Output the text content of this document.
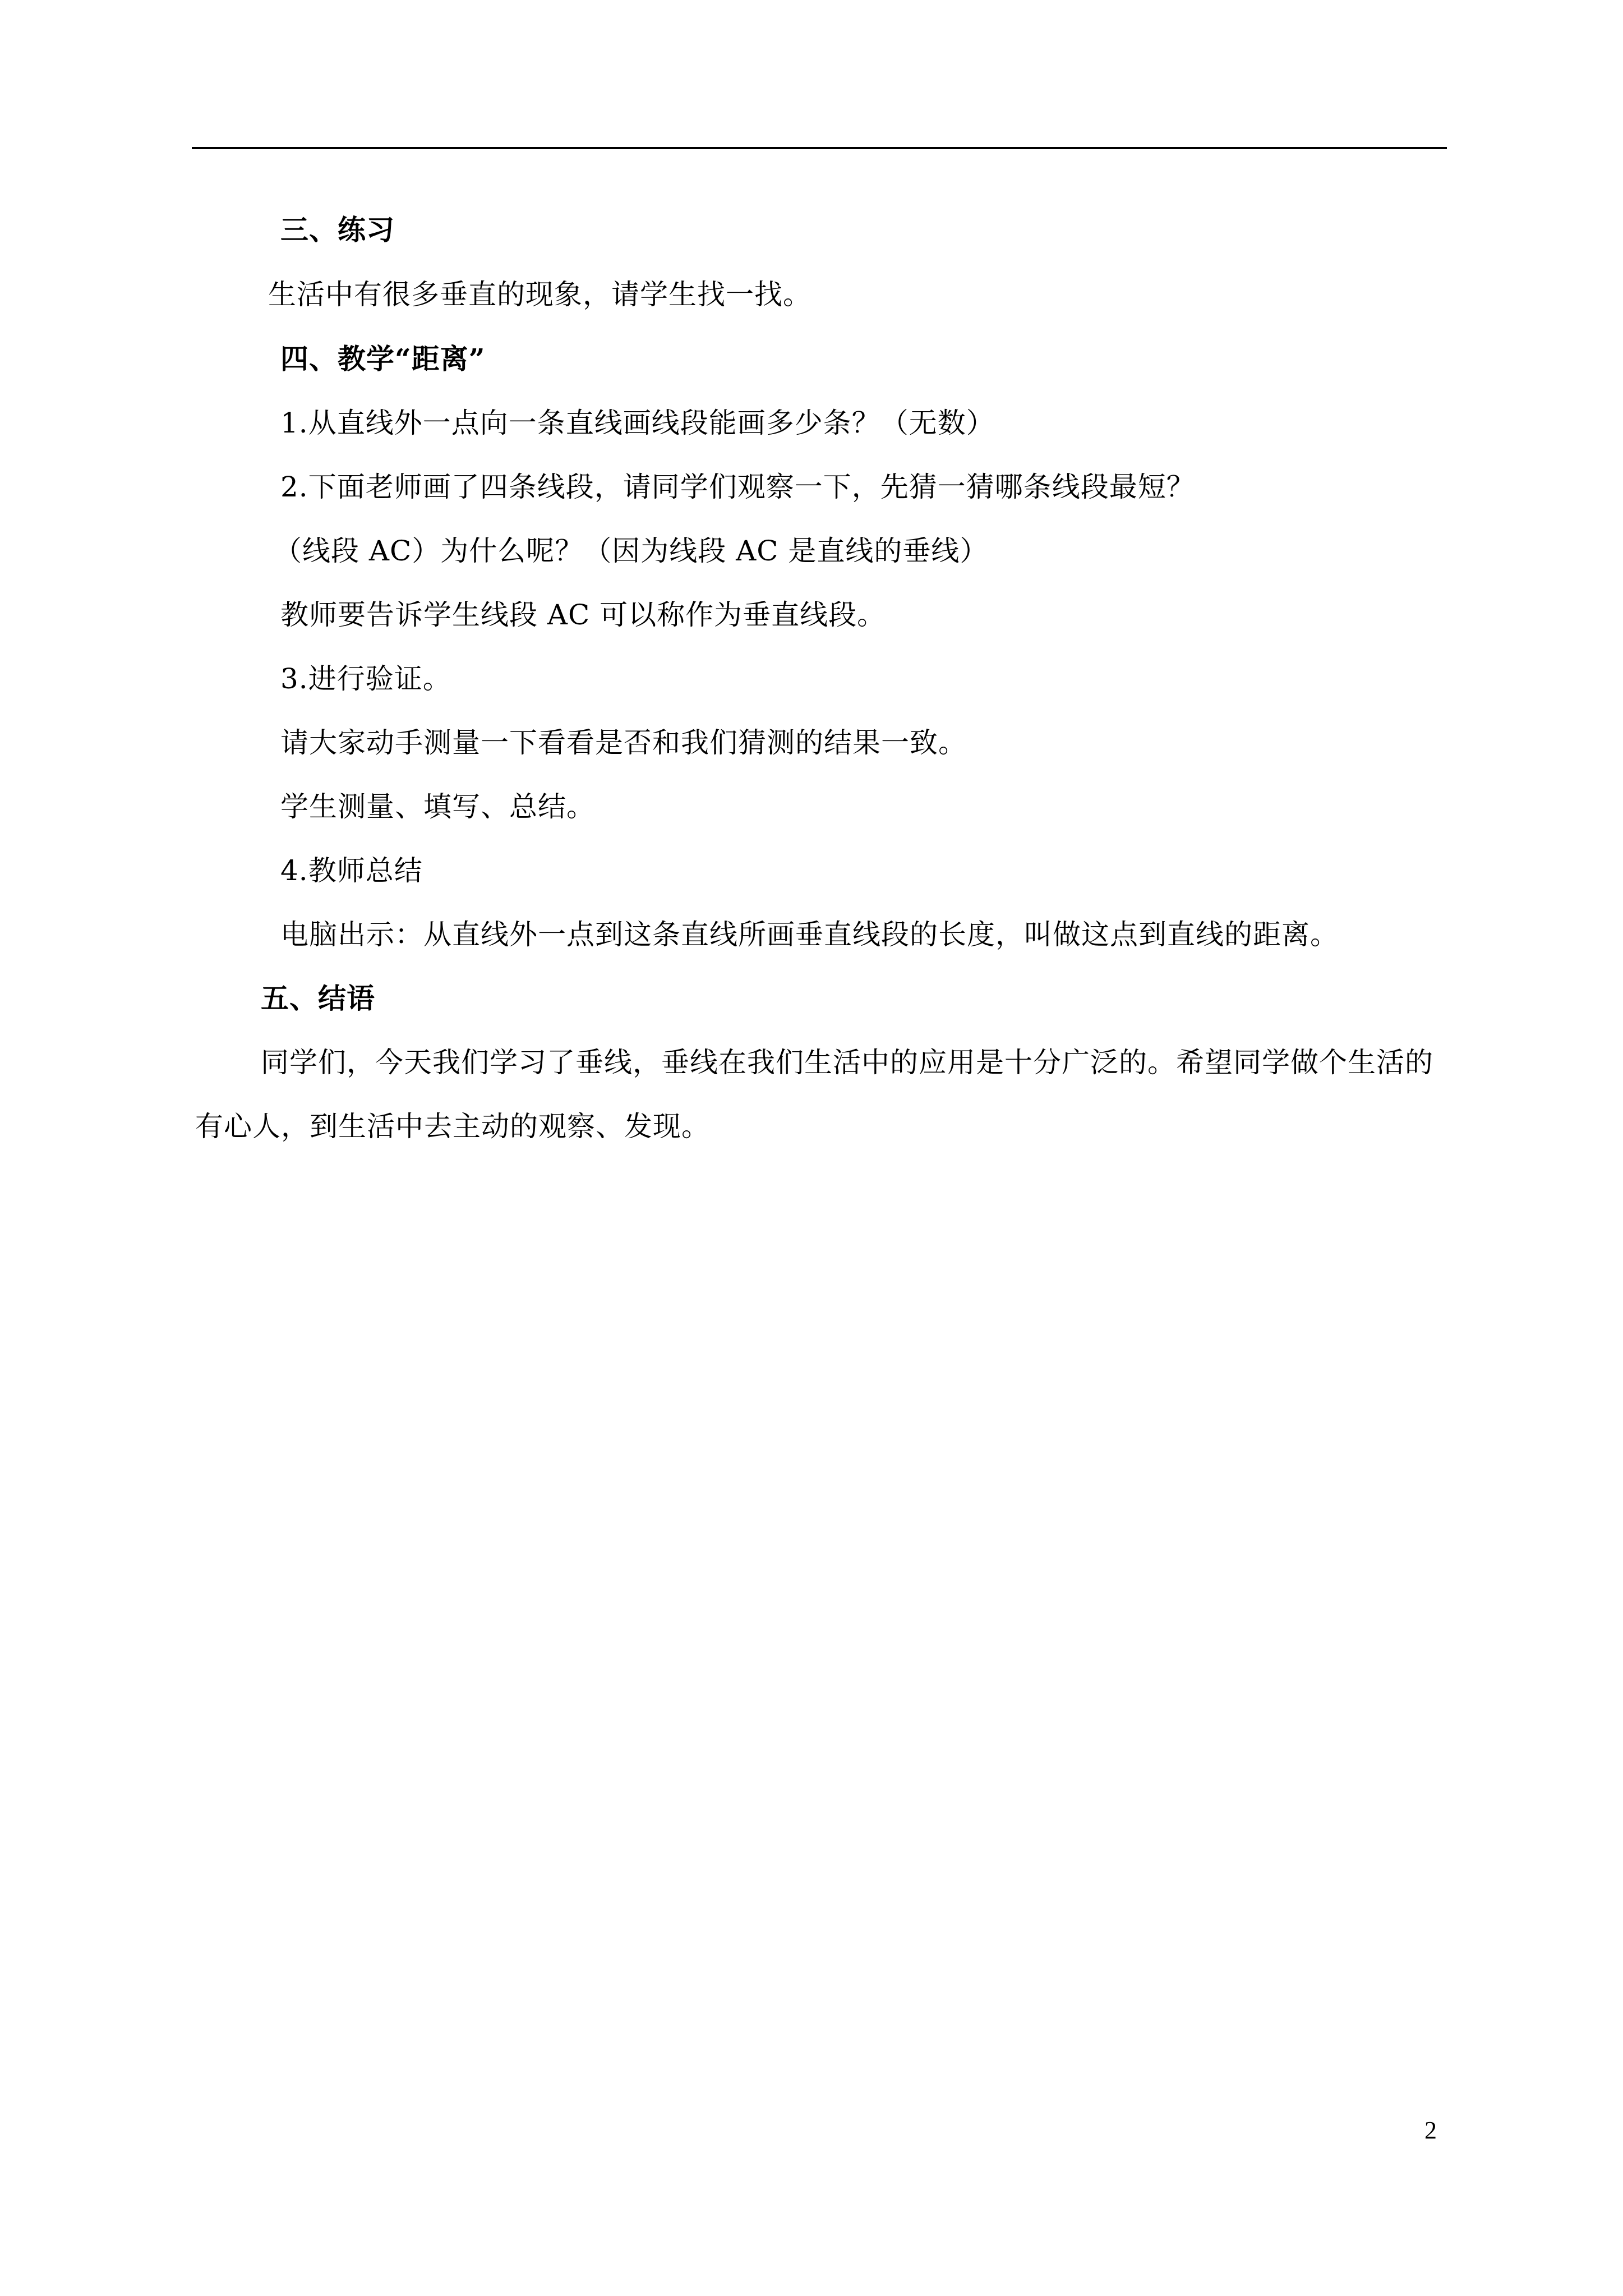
三、练习
生活中有很多垂直的现象，请学生找一找。
四、教学“距离”
1.从直线外一点向一条直线画线段能画多少条？（无数）
2.下面老师画了四条线段，请同学们观察一下，先猜一猜哪条线段最短？
（线段 AC）为什么呢？（因为线段 AC 是直线的垂线）
教师要告诉学生线段 AC 可以称作为垂直线段。
3.进行验证。
请大家动手测量一下看看是否和我们猜测的结果一致。
学生测量、填写、总结。
4.教师总结
电脑出示：从直线外一点到这条直线所画垂直线段的长度，叫做这点到直线的距离。
五、结语
同学们，今天我们学习了垂线，垂线在我们生活中的应用是十分广泛的。希望同学做个生活的
有心人，到生活中去主动的观察、发现。
2
